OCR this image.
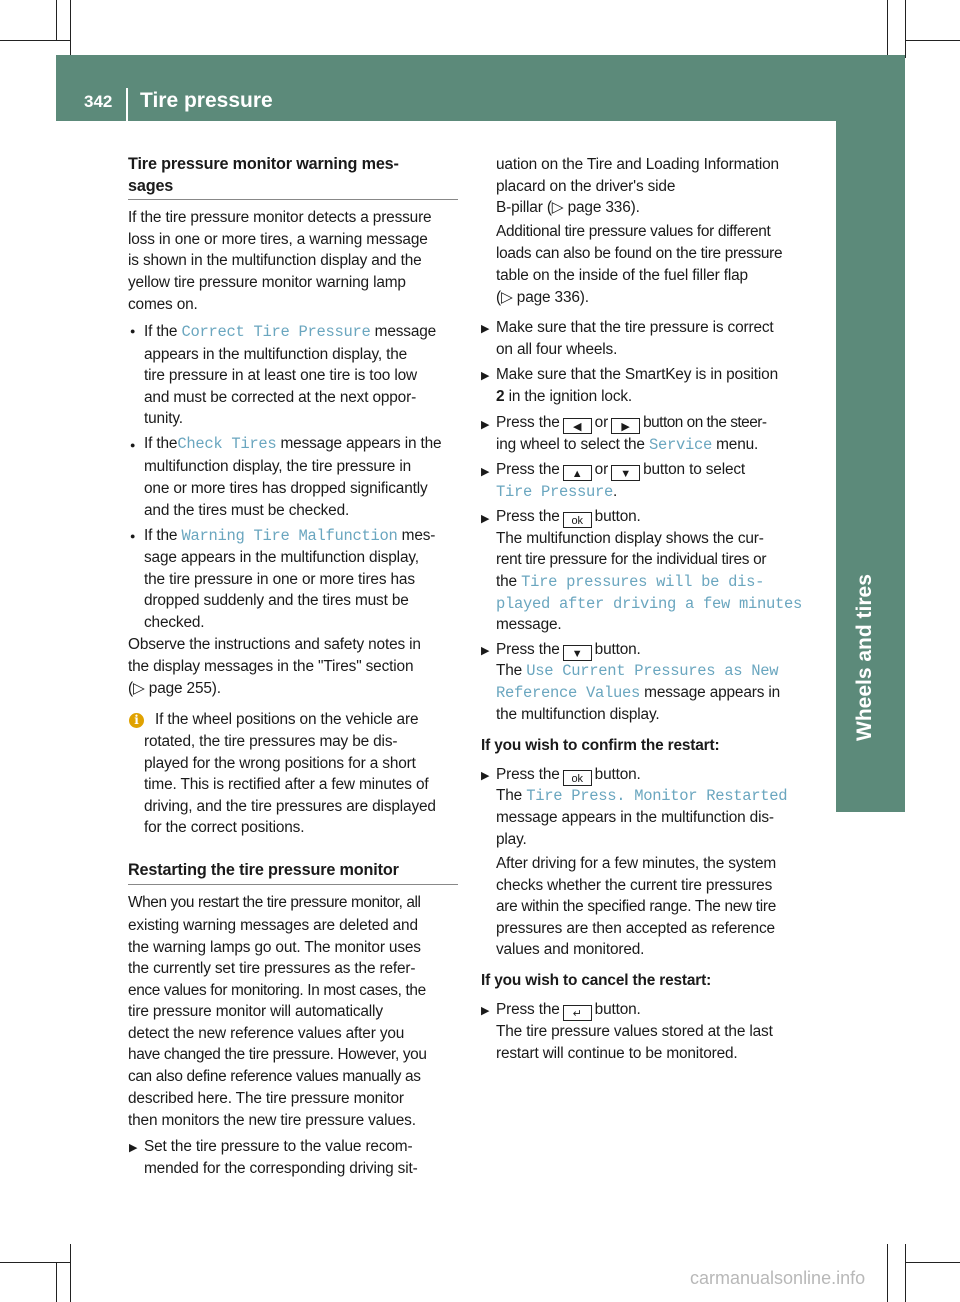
342 Tire pressure
Wheels and tires
Tire pressure monitor warning mes-
sages
If the tire pressure monitor detects a pressure
loss in one or more tires, a warning message
is shown in the multifunction display and the
yellow tire pressure monitor warning lamp
comes on.
● If the Correct Tire Pressure message
appears in the multifunction display, the
tire pressure in at least one tire is too low
and must be corrected at the next oppor-
tunity.
● If theCheck Tires message appears in the
multifunction display, the tire pressure in
one or more tires has dropped significantly
and the tires must be checked.
● If the Warning Tire Malfunction mes-
sage appears in the multifunction display,
the tire pressure in one or more tires has
dropped suddenly and the tires must be
checked.
Observe the instructions and safety notes in
the display messages in the "Tires" section
(▷ page 255).
i	If the wheel positions on the vehicle are
rotated, the tire pressures may be dis-
played for the wrong positions for a short
time. This is rectified after a few minutes of
driving, and the tire pressures are displayed
for the correct positions.
Restarting the tire pressure monitor
When you restart the tire pressure monitor, all
existing warning messages are deleted and
the warning lamps go out. The monitor uses
the currently set tire pressures as the refer-
ence values for monitoring. In most cases, the
tire pressure monitor will automatically
detect the new reference values after you
have changed the tire pressure. However, you
can also define reference values manually as
described here. The tire pressure monitor
then monitors the new tire pressure values.
▶ Set the tire pressure to the value recom-
mended for the corresponding driving sit-
uation on the Tire and Loading Information
placard on the driver's side
B-pillar (▷ page 336).
Additional tire pressure values for different
loads can also be found on the tire pressure
table on the inside of the fuel filler flap
(▷ page 336).
▶ Make sure that the tire pressure is correct
on all four wheels.
▶ Make sure that the SmartKey is in position
2 in the ignition lock.
▶ Press the ◀ or ▶ button on the steer-
ing wheel to select the Service menu.
▶ Press the ▲ or ▼ button to select
Tire Pressure.
▶ Press the ok button.
The multifunction display shows the cur-
rent tire pressure for the individual tires or
the Tire pressures will be dis-
played after driving a few minutes
message.
▶ Press the ▼ button.
The Use Current Pressures as New
Reference Values message appears in
the multifunction display.
If you wish to confirm the restart:
▶ Press the ok button.
The Tire Press. Monitor Restarted
message appears in the multifunction dis-
play.
After driving for a few minutes, the system
checks whether the current tire pressures
are within the specified range. The new tire
pressures are then accepted as reference
values and monitored.
If you wish to cancel the restart:
▶ Press the ↵ button.
The tire pressure values stored at the last
restart will continue to be monitored.
carmanualsonline.info
